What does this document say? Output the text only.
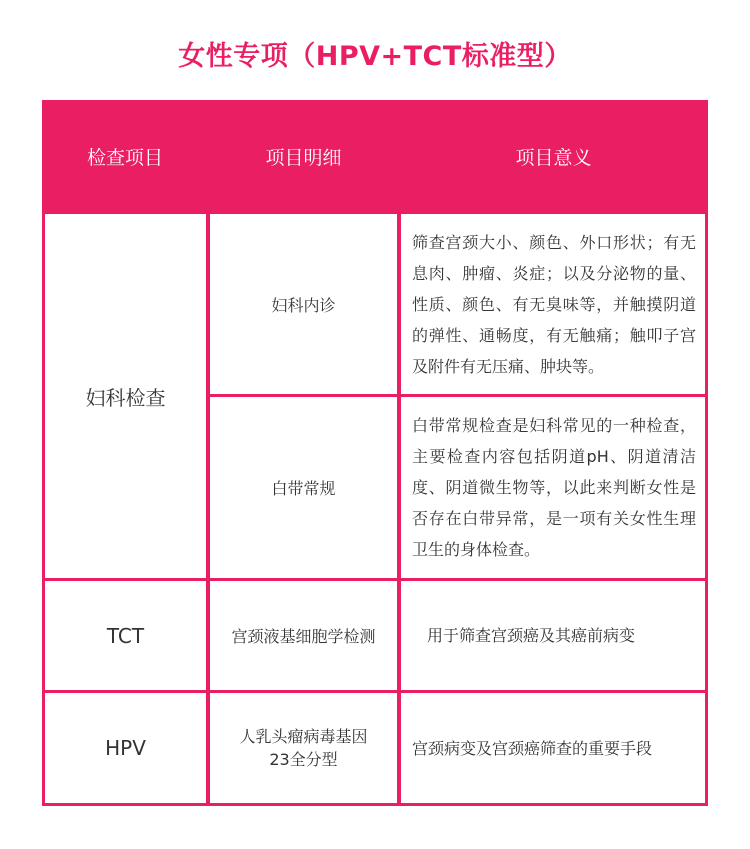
女性专项（HPV+TCT标准型）
检查项目	项目明细	项目意义
妇科检查
TCT
HPV
妇科内诊
白带常规
宫颈液基细胞学检测
人乳头瘤病毒基因23全分型

筛查宫颈大小、颜色、外口形状；有无息肉、肿瘤、炎症；以及分泌物的量、性质、颜色、有无臭味等，并触摸阴道的弹性、通畅度，有无触痛；触叩子宫及附件有无压痛、肿块等。

白带常规检查是妇科常见的一种检查，主要检查内容包括阴道pH、阴道清洁度、阴道微生物等，以此来判断女性是否存在白带异常，是一项有关女性生理卫生的身体检查。

用于筛查宫颈癌及其癌前病变

宫颈病变及宫颈癌筛查的重要手段
